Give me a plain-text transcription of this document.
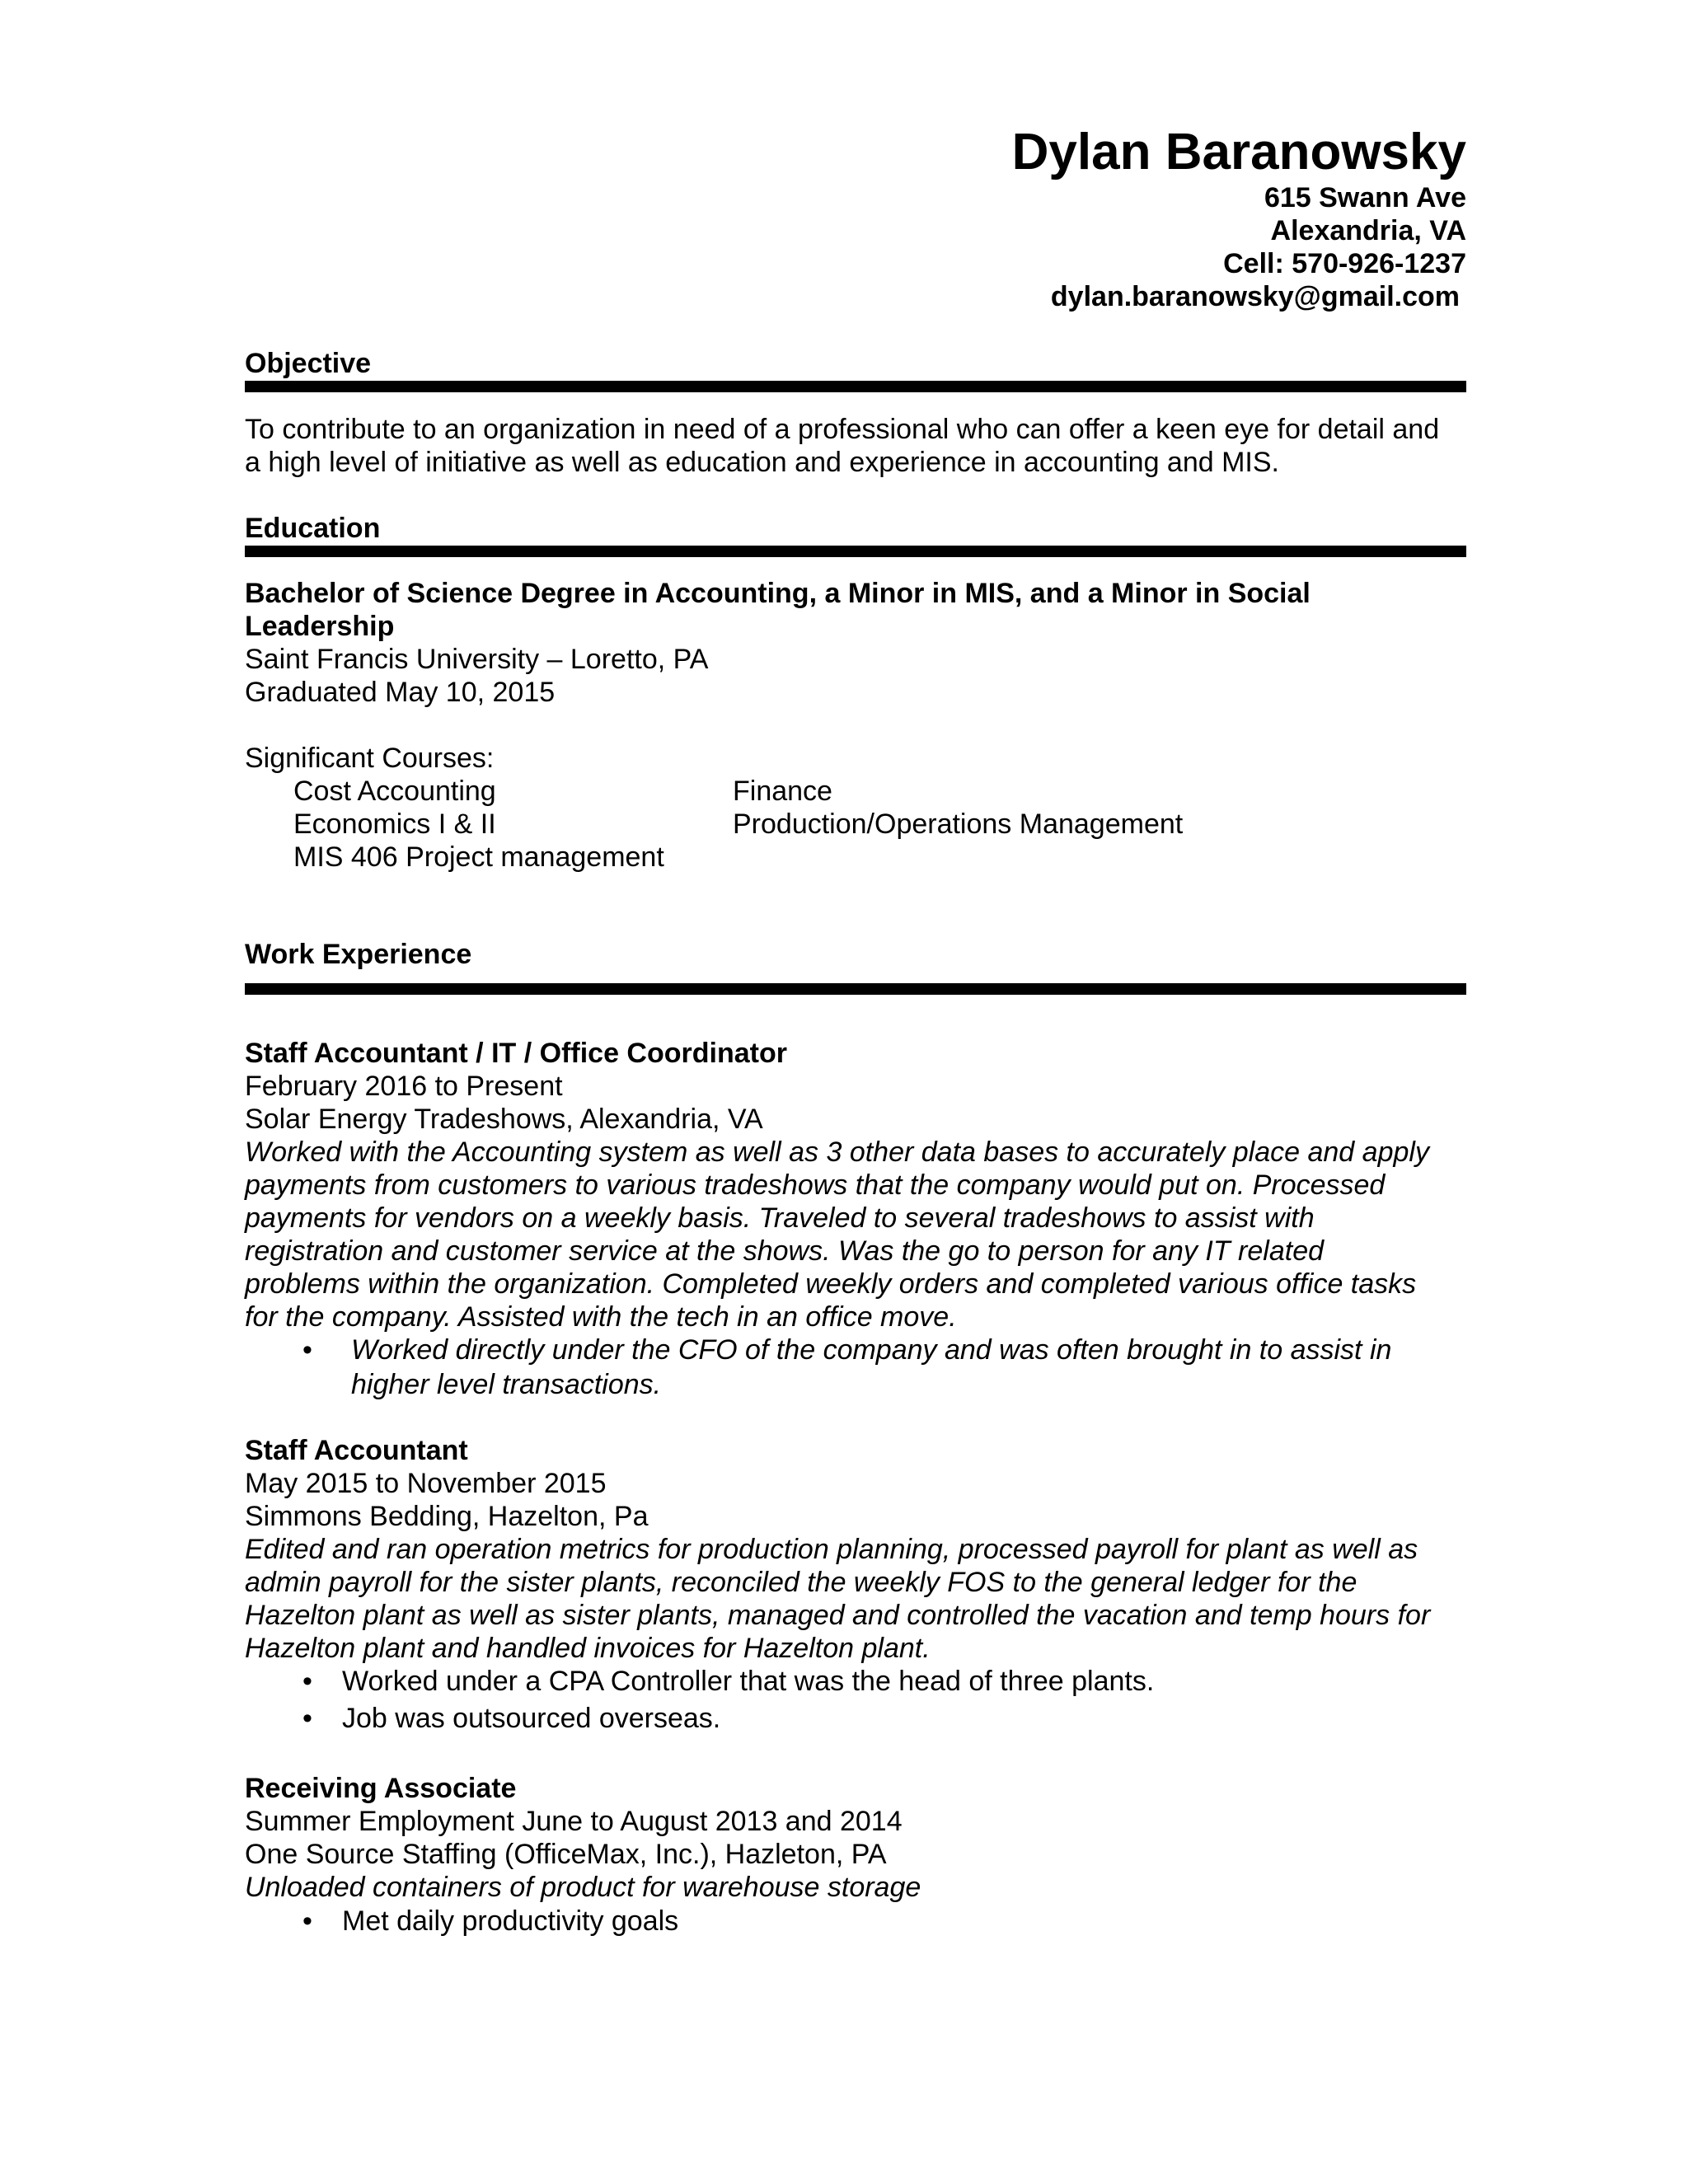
Dylan Baranowsky
615 Swann Ave
Alexandria, VA
Cell: 570-926-1237
dylan.baranowsky@gmail.com
Objective
To contribute to an organization in need of a professional who can offer a keen eye for detail and
a high level of initiative as well as education and experience in accounting and MIS.
Education
Bachelor of Science Degree in Accounting, a Minor in MIS, and a Minor in Social
Leadership
Saint Francis University – Loretto, PA
Graduated May 10, 2015
Significant Courses:
Cost Accounting
Economics I & II
MIS 406 Project management
Finance
Production/Operations Management
Work Experience
Staff Accountant / IT / Office Coordinator
February 2016 to Present
Solar Energy Tradeshows, Alexandria, VA
Worked with the Accounting system as well as 3 other data bases to accurately place and apply
payments from customers to various tradeshows that the company would put on. Processed
payments for vendors on a weekly basis. Traveled to several tradeshows to assist with
registration and customer service at the shows. Was the go to person for any IT related
problems within the organization. Completed weekly orders and completed various office tasks
for the company. Assisted with the tech in an office move.
• Worked directly under the CFO of the company and was often brought in to assist in
higher level transactions.
Staff Accountant
May 2015 to November 2015
Simmons Bedding, Hazelton, Pa
Edited and ran operation metrics for production planning, processed payroll for plant as well as
admin payroll for the sister plants, reconciled the weekly FOS to the general ledger for the
Hazelton plant as well as sister plants, managed and controlled the vacation and temp hours for
Hazelton plant and handled invoices for Hazelton plant.
• Worked under a CPA Controller that was the head of three plants.
• Job was outsourced overseas.
Receiving Associate
Summer Employment June to August 2013 and 2014
One Source Staffing (OfficeMax, Inc.), Hazleton, PA
Unloaded containers of product for warehouse storage
• Met daily productivity goals
